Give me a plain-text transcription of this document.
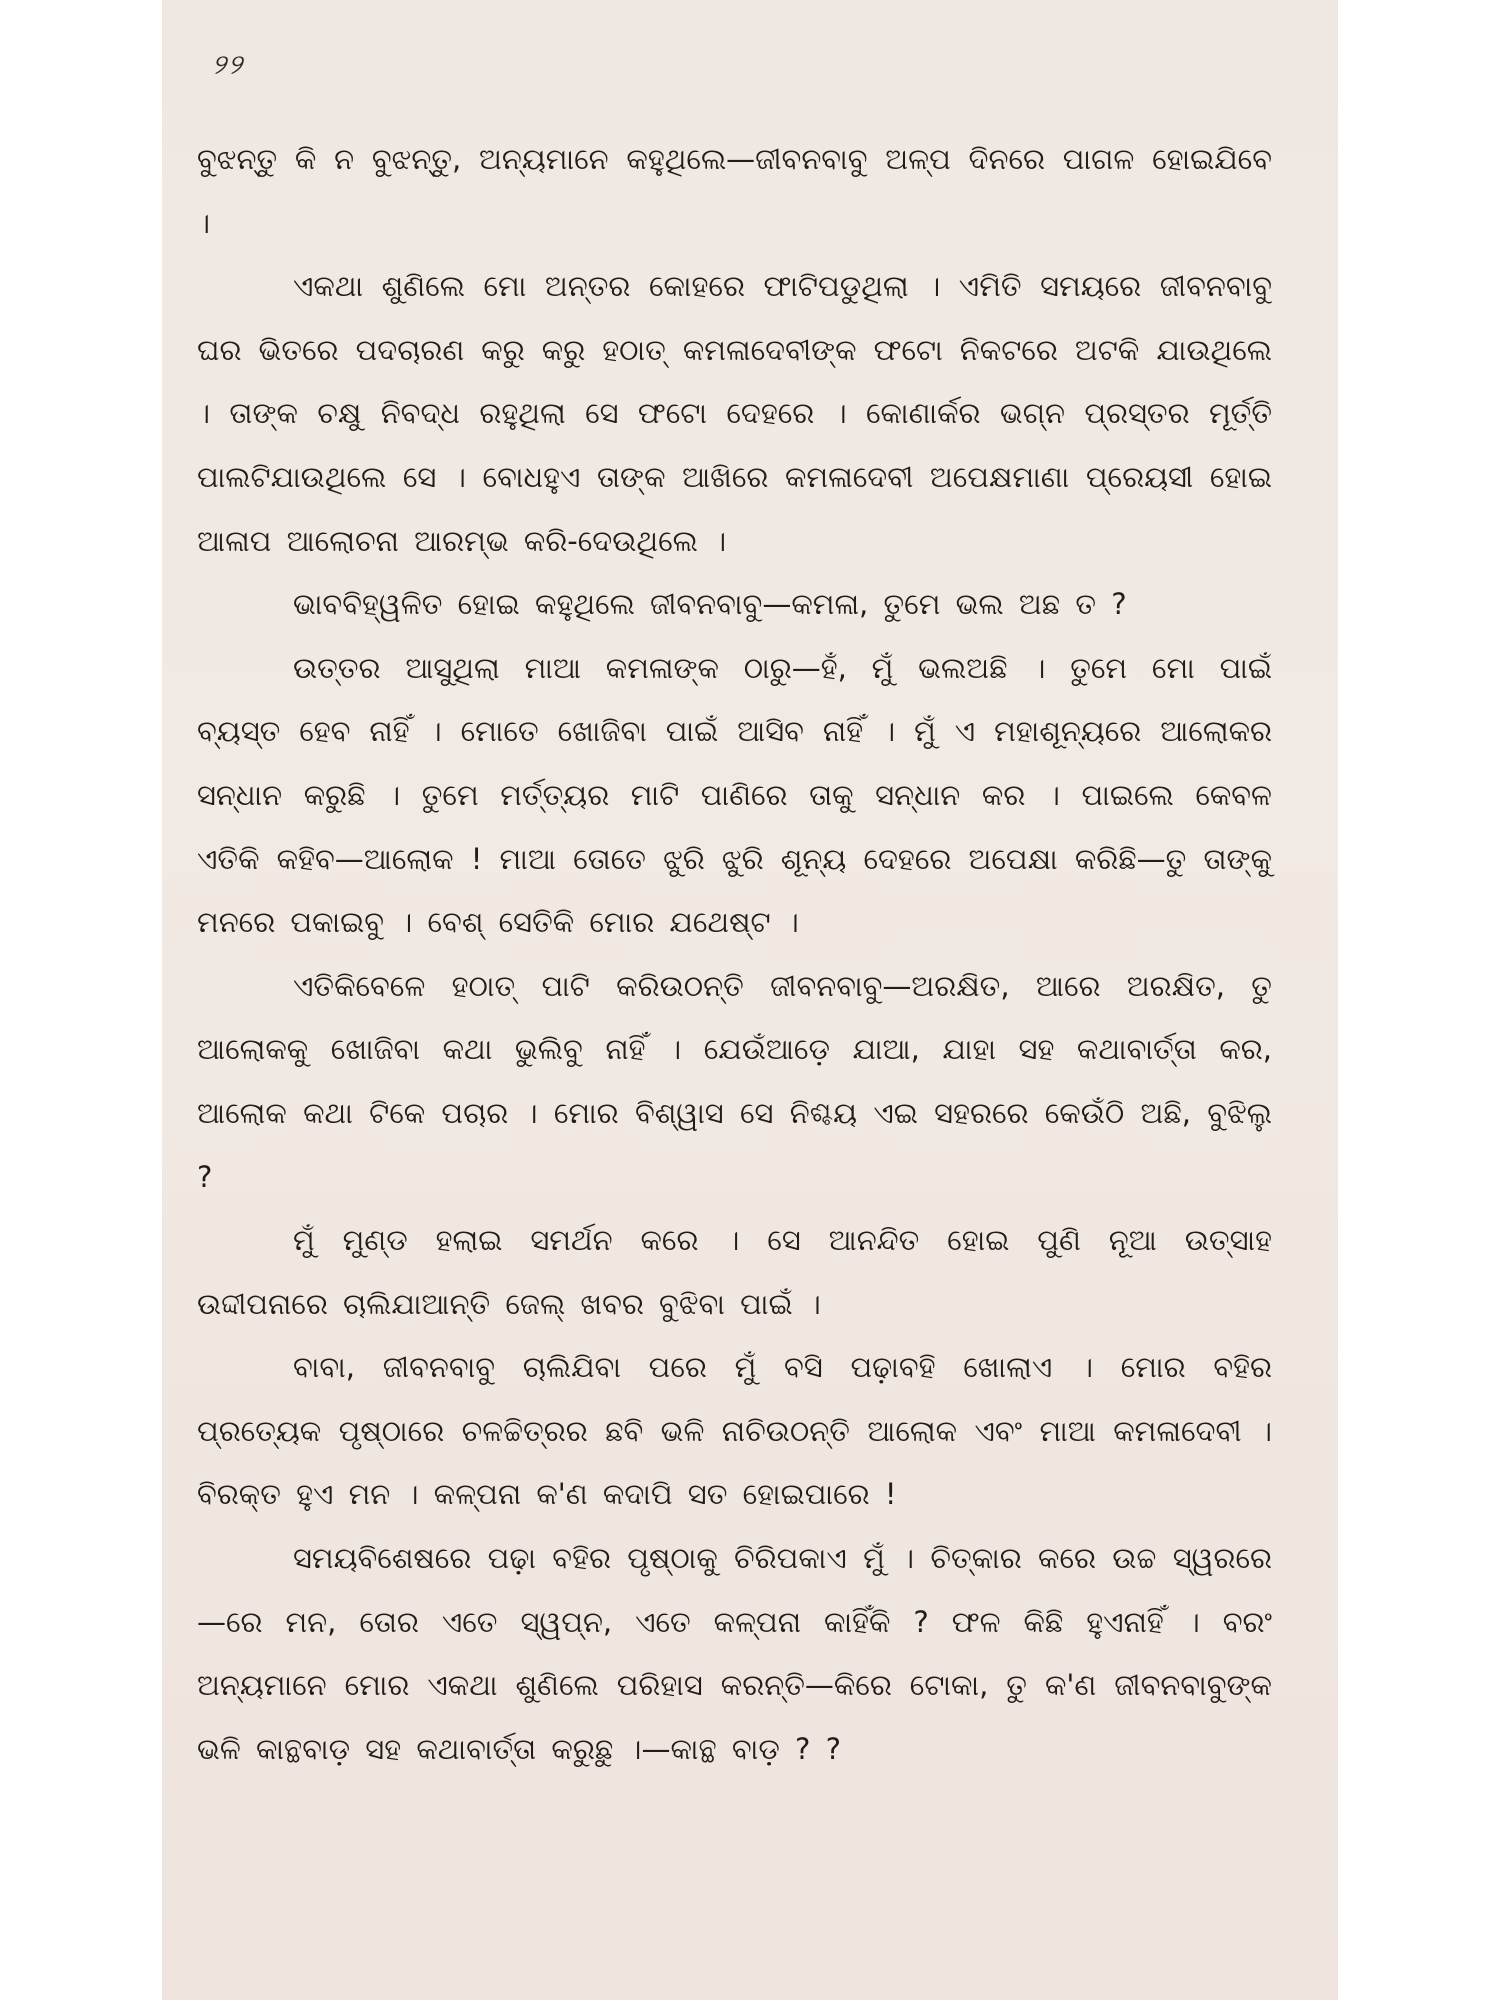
୨୨

ବୁଝନ୍ତୁ କି ନ ବୁଝନ୍ତୁ, ଅନ୍ୟମାନେ କହୁଥିଲେ—ଜୀବନବାବୁ ଅଳ୍ପ ଦିନରେ ପାଗଳ ହୋଇଯିବେ ।

ଏକଥା ଶୁଣିଲେ ମୋ ଅନ୍ତର କୋହରେ ଫାଟିପଡୁଥିଲା । ଏମିତି ସମୟରେ ଜୀବନବାବୁ ଘର ଭିତରେ ପଦଚାରଣ କରୁ କରୁ ହଠାତ୍ କମଳାଦେବୀଙ୍କ ଫଟୋ ନିକଟରେ ଅଟକି ଯାଉଥିଲେ । ତାଙ୍କ ଚକ୍ଷୁ ନିବଦ୍ଧ ରହୁଥିଲା ସେ ଫଟୋ ଦେହରେ । କୋଣାର୍କର ଭଗ୍ନ ପ୍ରସ୍ତର ମୂର୍ତ୍ତି ପାଲଟିଯାଉଥିଲେ ସେ । ବୋଧହୁଏ ତାଙ୍କ ଆଖିରେ କମଳାଦେବୀ ଅପେକ୍ଷମାଣା ପ୍ରେୟସୀ ହୋଇ ଆଳାପ ଆଲୋଚନା ଆରମ୍ଭ କରି-ଦେଉଥିଲେ ।

ଭାବବିହ୍ୱଳିତ ହୋଇ କହୁଥିଲେ ଜୀବନବାବୁ—କମଳା, ତୁମେ ଭଲ ଅଛ ତ ?

ଉତ୍ତର ଆସୁଥିଲା ମାଆ କମଳାଙ୍କ ଠାରୁ—ହଁ, ମୁଁ ଭଲଅଛି । ତୁମେ ମୋ ପାଇଁ ବ୍ୟସ୍ତ ହେବ ନାହିଁ । ମୋତେ ଖୋଜିବା ପାଇଁ ଆସିବ ନାହିଁ । ମୁଁ ଏ ମହାଶୂନ୍ୟରେ ଆଲୋକର ସନ୍ଧାନ କରୁଛି । ତୁମେ ମର୍ତ୍ତ୍ୟର ମାଟି ପାଣିରେ ତାକୁ ସନ୍ଧାନ କର । ପାଇଲେ କେବଳ ଏତିକି କହିବ—ଆଲୋକ ! ମାଆ ତୋତେ ଝୁରି ଝୁରି ଶୂନ୍ୟ ଦେହରେ ଅପେକ୍ଷା କରିଛି—ତୁ ତାଙ୍କୁ ମନରେ ପକାଇବୁ । ବେଶ୍ ସେତିକି ମୋର ଯଥେଷ୍ଟ ।

ଏତିକିବେଳେ ହଠାତ୍ ପାଟି କରିଉଠନ୍ତି ଜୀବନବାବୁ—ଅରକ୍ଷିତ, ଆରେ ଅରକ୍ଷିତ, ତୁ ଆଲୋକକୁ ଖୋଜିବା କଥା ଭୁଲିବୁ ନାହିଁ । ଯେଉଁଆଡ଼େ ଯାଆ, ଯାହା ସହ କଥାବାର୍ତ୍ତା କର, ଆଲୋକ କଥା ଟିକେ ପଚାର । ମୋର ବିଶ୍ୱାସ ସେ ନିଶ୍ଚୟ ଏଇ ସହରରେ କେଉଁଠି ଅଛି, ବୁଝିଲୁ ?

ମୁଁ ମୁଣ୍ଡ ହଲାଇ ସମର୍ଥନ କରେ । ସେ ଆନନ୍ଦିତ ହୋଇ ପୁଣି ନୂଆ ଉତ୍ସାହ ଉଦ୍ଦୀପନାରେ ଚାଲିଯାଆନ୍ତି ଜେଲ୍ ଖବର ବୁଝିବା ପାଇଁ ।

ବାବା, ଜୀବନବାବୁ ଚାଲିଯିବା ପରେ ମୁଁ ବସି ପଢ଼ାବହି ଖୋଲାଏ । ମୋର ବହିର ପ୍ରତ୍ୟେକ ପୃଷ୍ଠାରେ ଚଳଚ୍ଚିତ୍ରର ଛବି ଭଳି ନାଚିଉଠନ୍ତି ଆଲୋକ ଏବଂ ମାଆ କମଳାଦେବୀ । ବିରକ୍ତ ହୁଏ ମନ । କଳ୍ପନା କ'ଣ କଦାପି ସତ ହୋଇପାରେ !

ସମୟବିଶେଷରେ ପଢ଼ା ବହିର ପୃଷ୍ଠାକୁ ଚିରିପକାଏ ମୁଁ । ଚିତ୍କାର କରେ ଉଚ୍ଚ ସ୍ୱରରେ—ରେ ମନ, ତୋର ଏତେ ସ୍ୱପ୍ନ, ଏତେ କଳ୍ପନା କାହିଁକି ? ଫଳ କିଛି ହୁଏନାହିଁ । ବରଂ ଅନ୍ୟମାନେ ମୋର ଏକଥା ଶୁଣିଲେ ପରିହାସ କରନ୍ତି—କିରେ ଟୋକା, ତୁ କ'ଣ ଜୀବନବାବୁଙ୍କ ଭଳି କାନ୍ଥବାଡ଼ ସହ କଥାବାର୍ତ୍ତା କରୁଛୁ ।—କାନ୍ଥ ବାଡ଼ ? ?
